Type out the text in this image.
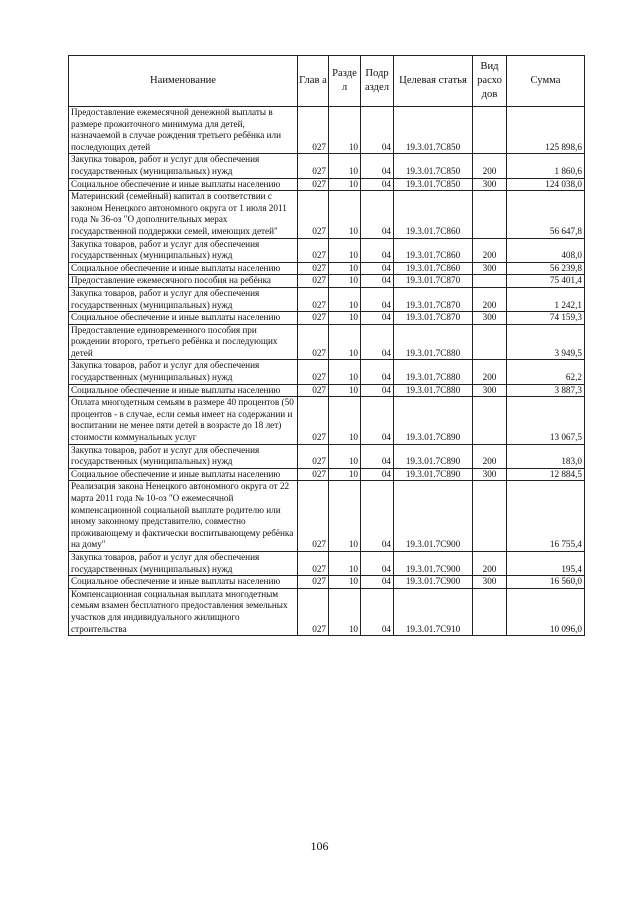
Наименование	Глав а	Разде л	Подр аздел	Целевая статья	Вид расхо дов	Сумма
Предоставление ежемесячной денежной выплаты в размере прожиточного минимума для детей, назначаемой в случае рождения третьего ребёнка или последующих детей	027	10	04	19.3.01.7С850		125 898,6
Закупка товаров, работ и услуг для обеспечения государственных (муниципальных) нужд	027	10	04	19.3.01.7С850	200	1 860,6
Социальное обеспечение и иные выплаты населению	027	10	04	19.3.01.7С850	300	124 038,0
Материнский (семейный) капитал в соответствии с законом Ненецкого автономного округа от 1 июля 2011 года № 36-оз "О дополнительных мерах государственной поддержки семей, имеющих детей"	027	10	04	19.3.01.7С860		56 647,8
Закупка товаров, работ и услуг для обеспечения государственных (муниципальных) нужд	027	10	04	19.3.01.7С860	200	408,0
Социальное обеспечение и иные выплаты населению	027	10	04	19.3.01.7С860	300	56 239,8
Предоставление ежемесячного пособия на ребёнка	027	10	04	19.3.01.7С870		75 401,4
Закупка товаров, работ и услуг для обеспечения государственных (муниципальных) нужд	027	10	04	19.3.01.7С870	200	1 242,1
Социальное обеспечение и иные выплаты населению	027	10	04	19.3.01.7С870	300	74 159,3
Предоставление единовременного пособия при рождении второго, третьего ребёнка и последующих детей	027	10	04	19.3.01.7С880		3 949,5
Закупка товаров, работ и услуг для обеспечения государственных (муниципальных) нужд	027	10	04	19.3.01.7С880	200	62,2
Социальное обеспечение и иные выплаты населению	027	10	04	19.3.01.7С880	300	3 887,3
Оплата многодетным семьям в размере 40 процентов (50 процентов - в случае, если семья имеет на содержании и воспитании не менее пяти детей в возрасте до 18 лет) стоимости коммунальных услуг	027	10	04	19.3.01.7С890		13 067,5
Закупка товаров, работ и услуг для обеспечения государственных (муниципальных) нужд	027	10	04	19.3.01.7С890	200	183,0
Социальное обеспечение и иные выплаты населению	027	10	04	19.3.01.7С890	300	12 884,5
Реализация закона Ненецкого автономного округа от 22 марта 2011 года № 10-оз "О ежемесячной компенсационной социальной выплате родителю или иному законному представителю, совместно проживающему и фактически воспитывающему ребёнка на дому"	027	10	04	19.3.01.7С900		16 755,4
Закупка товаров, работ и услуг для обеспечения государственных (муниципальных) нужд	027	10	04	19.3.01.7С900	200	195,4
Социальное обеспечение и иные выплаты населению	027	10	04	19.3.01.7С900	300	16 560,0
Компенсационная социальная выплата многодетным семьям взамен бесплатного предоставления земельных участков для индивидуального жилищного строительства	027	10	04	19.3.01.7С910		10 096,0
106
